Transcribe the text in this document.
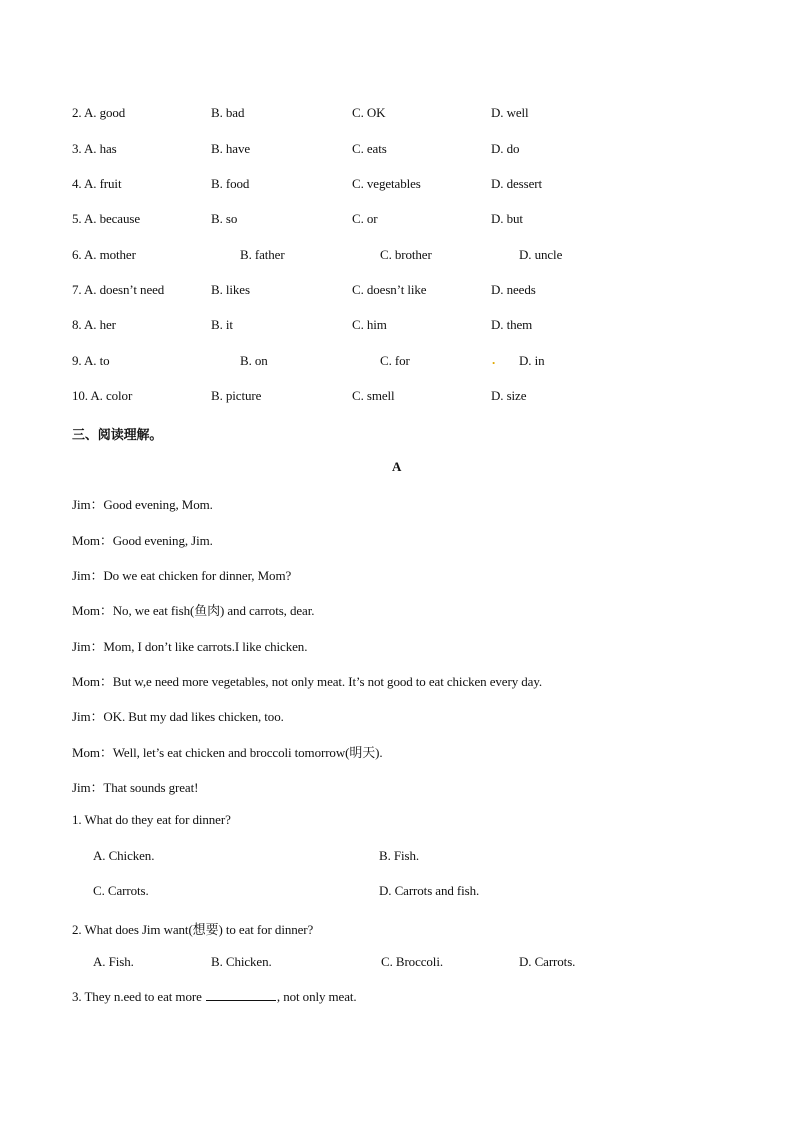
2. A. good	B. bad	C. OK	D. well
3. A. has	B. have	C. eats	D. do
4. A. fruit	B. food	C. vegetables	D. dessert
5. A. because	B. so	C. or	D. but
6. A. mother	B. father	C. brother	D. uncle
7. A. doesn’t need	B. likes	C. doesn’t like	D. needs
8. A. her	B. it	C. him	D. them
9. A. to	B. on	C. for	D. in
.
10. A. color	B. picture	C. smell	D. size
三、阅读理解。
A
Jim：Good evening, Mom.
Mom：Good evening, Jim.
Jim：Do we eat chicken for dinner, Mom?
Mom：No, we eat fish(鱼肉) and carrots, dear.
Jim：Mom, I don’t like carrots.I like chicken.
Mom：But w,e need more vegetables, not only meat. It’s not good to eat chicken every day.
Jim：OK. But my dad likes chicken, too.
Mom：Well, let’s eat chicken and broccoli tomorrow(明天).
Jim：That sounds great!
1. What do they eat for dinner?
A. Chicken.	B. Fish.
C. Carrots.	D. Carrots and fish.
2. What does Jim want(想要) to eat for dinner?
A. Fish.	B. Chicken.	C. Broccoli.	D. Carrots.
3. They n.eed to eat more	, not only meat.
